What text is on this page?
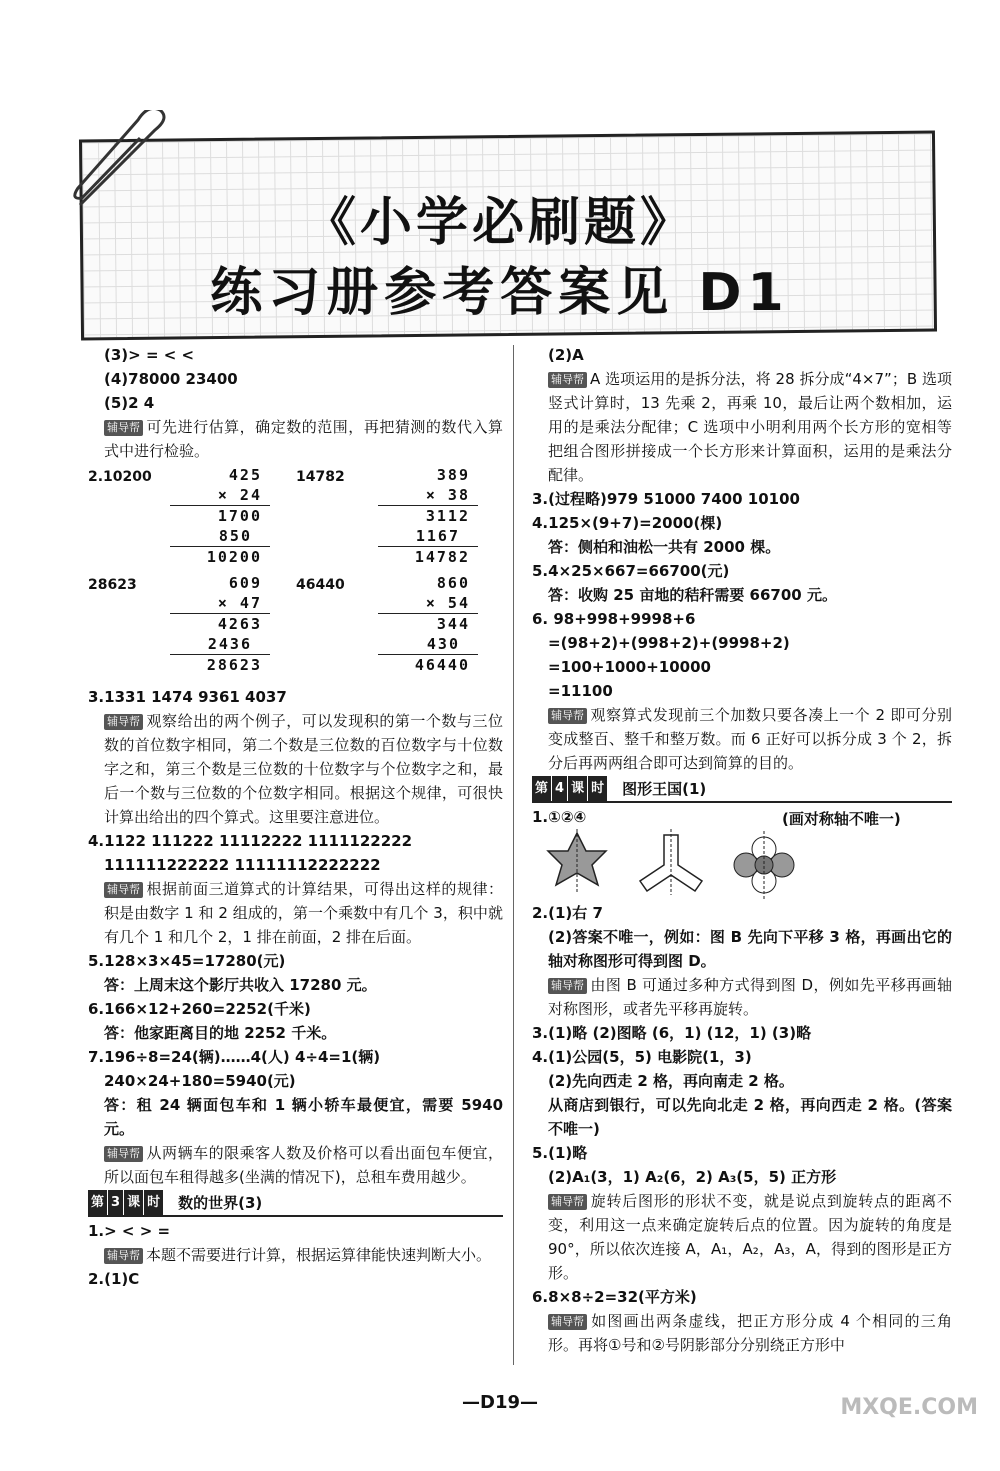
《小学必刷题》
练习册参考答案见 D1
(3)> = < <
(4)78000 23400
(5)2 4
辅导帮 可先进行估算，确定数的范围，再把猜测的数代入算式中进行检验。
2.10200	425
× 24
1700
850
10200
14782	389
× 38
3112
1167
14782
28623	609
× 47
4263
2436
28623
46440	860
× 54
344
430
46440
3.1331 1474 9361 4037
辅导帮 观察给出的两个例子，可以发现积的第一个数与三位数的首位数字相同，第二个数是三位数的百位数字与十位数字之和，第三个数是三位数的十位数字与个位数字之和，最后一个数与三位数的个位数字相同。根据这个规律，可很快计算出给出的四个算式。这里要注意进位。
4.1122 111222 11112222 1111122222
111111222222 11111112222222
辅导帮 根据前面三道算式的计算结果，可得出这样的规律：积是由数字 1 和 2 组成的，第一个乘数中有几个 3，积中就有几个 1 和几个 2，1 排在前面，2 排在后面。
5.128×3×45=17280(元)
答：上周末这个影厅共收入 17280 元。
6.166×12+260=2252(千米)
答：他家距离目的地 2252 千米。
7.196÷8=24(辆)……4(人) 4÷4=1(辆)
240×24+180=5940(元)
答：租 24 辆面包车和 1 辆小轿车最便宜，需要 5940 元。
辅导帮 从两辆车的限乘客人数及价格可以看出面包车便宜，所以面包车租得越多(坐满的情况下)，总租车费用越少。
第 3 课 时 数的世界(3)
1.> < > =
辅导帮 本题不需要进行计算，根据运算律能快速判断大小。
2.(1)C
(2)A
辅导帮 A 选项运用的是拆分法，将 28 拆分成“4×7”；B 选项竖式计算时，13 先乘 2，再乘 10，最后让两个数相加，运用的是乘法分配律；C 选项中小明利用两个长方形的宽相等把组合图形拼接成一个长方形来计算面积，运用的是乘法分配律。
3.(过程略)979 51000 7400 10100
4.125×(9+7)=2000(棵)
答：侧柏和油松一共有 2000 棵。
5.4×25×667=66700(元)
答：收购 25 亩地的秸秆需要 66700 元。
6. 98+998+9998+6
=(98+2)+(998+2)+(9998+2)
=100+1000+10000
=11100
辅导帮 观察算式发现前三个加数只要各凑上一个 2 即可分别变成整百、整千和整万数。而 6 正好可以拆分成 3 个 2，拆分后再两两组合即可达到简算的目的。
第 4 课 时 图形王国(1)
1.①②④	(画对称轴不唯一)
2.(1)右 7
(2)答案不唯一，例如：图 B 先向下平移 3 格，再画出它的轴对称图形可得到图 D。
辅导帮 由图 B 可通过多种方式得到图 D，例如先平移再画轴对称图形，或者先平移再旋转。
3.(1)略 (2)图略 (6，1) (12，1) (3)略
4.(1)公园(5，5) 电影院(1，3)
(2)先向西走 2 格，再向南走 2 格。
从商店到银行，可以先向北走 2 格，再向西走 2 格。(答案不唯一)
5.(1)略
(2)A₁(3，1) A₂(6，2) A₃(5，5) 正方形
辅导帮 旋转后图形的形状不变，就是说点到旋转点的距离不变，利用这一点来确定旋转后点的位置。因为旋转的角度是 90°，所以依次连接 A，A₁，A₂，A₃，A，得到的图形是正方形。
6.8×8÷2=32(平方米)
辅导帮 如图画出两条虚线，把正方形分成 4 个相同的三角形。再将①号和②号阴影部分分别绕正方形中
—D19—	MXQE.COM
